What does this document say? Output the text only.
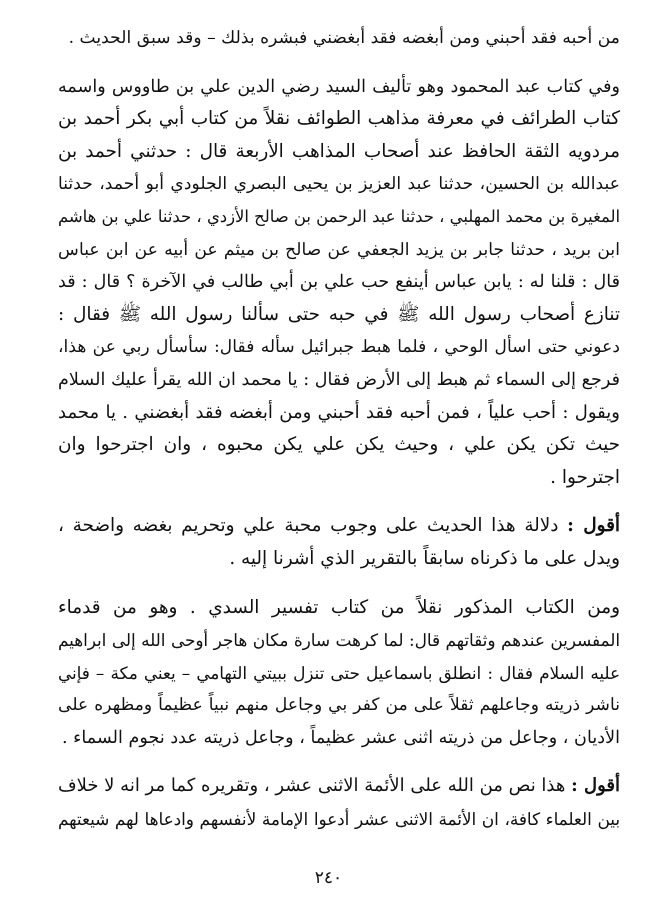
من أحبه فقد أحبني ومن أبغضه فقد أبغضني فبشره بذلك – وقد سبق الحديث .

وفي كتاب عبد المحمود وهو تأليف السيد رضي الدين علي بن طاووس واسمه
كتاب الطرائف في معرفة مذاهب الطوائف نقلاً من كتاب أبي بكر أحمد بن
مردويه الثقة الحافظ عند أصحاب المذاهب الأربعة قال : حدثني أحمد بن
عبدالله بن الحسين، حدثنا عبد العزيز بن يحيى البصري الجلودي أبو أحمد، حدثنا
المغيرة بن محمد المهلبي ، حدثنا عبد الرحمن بن صالح الأزدي ، حدثنا علي بن هاشم
ابن بريد ، حدثنا جابر بن يزيد الجعفي عن صالح بن ميثم عن أبيه عن ابن عباس
قال : قلنا له : يابن عباس أينفع حب علي بن أبي طالب في الآخرة ؟ قال : قد
تنازع أصحاب رسول الله ﷺ في حبه حتى سألنا رسول الله ﷺ فقال :
دعوني حتى اسأل الوحي ، فلما هبط جبرائيل سأله فقال: سأسأل ربي عن هذا،
فرجع إلى السماء ثم هبط إلى الأرض فقال : يا محمد ان الله يقرأ عليك السلام
ويقول : أحب علياً ، فمن أحبه فقد أحبني ومن أبغضه فقد أبغضني . يا محمد
حيث تكن يكن علي ، وحيث يكن علي يكن محبوه ، وان اجترحوا وان
اجترحوا .

أقول : دلالة هذا الحديث على وجوب محبة علي وتحريم بغضه واضحة ،
ويدل على ما ذكرناه سابقاً بالتقرير الذي أشرنا إليه .

ومن الكتاب المذكور نقلاً من كتاب تفسير السدي . وهو من قدماء
المفسرين عندهم وثقاتهم قال: لما كرهت سارة مكان هاجر أوحى الله إلى ابراهيم
عليه السلام فقال : انطلق باسماعيل حتى تنزل ببيتي التهامي – يعني مكة – فإني
ناشر ذريته وجاعلهم ثقلاً على من كفر بي وجاعل منهم نبياً عظيماً ومظهره على
الأديان ، وجاعل من ذريته اثنى عشر عظيماً ، وجاعل ذريته عدد نجوم السماء .

أقول : هذا نص من الله على الأئمة الاثنى عشر ، وتقريره كما مر انه لا خلاف
بين العلماء كافة، ان الأئمة الاثنى عشر أدعوا الإمامة لأنفسهم وادعاها لهم شيعتهم

٢٤٠
